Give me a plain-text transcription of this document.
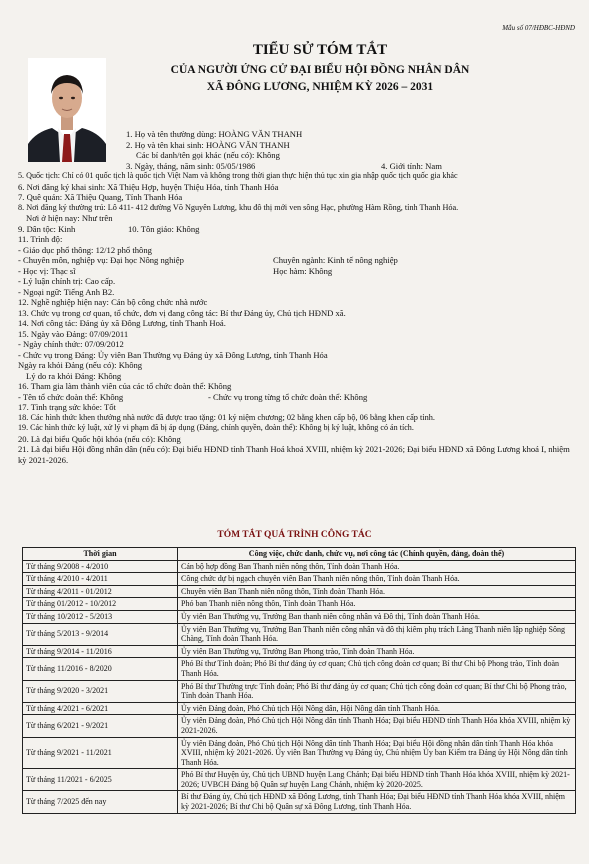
Mẫu số 07/HĐBC-HĐND
TIỂU SỬ TÓM TẮT
CỦA NGƯỜI ỨNG CỬ ĐẠI BIỂU HỘI ĐỒNG NHÂN DÂN
XÃ ĐÔNG LƯƠNG, NHIỆM KỲ 2026 – 2031
1. Họ và tên thường dùng: HOÀNG VĂN THANH
2. Họ và tên khai sinh: HOÀNG VĂN THANH
Các bí danh/tên gọi khác (nếu có): Không
3. Ngày, tháng, năm sinh: 05/05/1986	4. Giới tính: Nam
5. Quốc tịch: Chỉ có 01 quốc tịch là quốc tịch Việt Nam và không trong thời gian thực hiện thủ tục xin gia nhập quốc tịch quốc gia khác
6. Nơi đăng ký khai sinh: Xã Thiệu Hợp, huyện Thiệu Hóa, tỉnh Thanh Hóa
7. Quê quán: Xã Thiệu Quang, Tỉnh Thanh Hóa
8. Nơi đăng ký thường trú: Lô 411- 412 đường Võ Nguyên Lương, khu đô thị mới ven sông Hạc, phường Hàm Rồng, tỉnh Thanh Hóa.
Nơi ở hiện nay: Như trên
9. Dân tộc: Kinh	10. Tôn giáo: Không
11. Trình độ:
- Giáo dục phổ thông: 12/12 phổ thông
- Chuyên môn, nghiệp vụ: Đại học Nông nghiệp	Chuyên ngành: Kinh tế nông nghiệp
- Học vị: Thạc sĩ	Học hàm: Không
- Lý luận chính trị: Cao cấp.
- Ngoại ngữ: Tiếng Anh B2.
12. Nghề nghiệp hiện nay: Cán bộ công chức nhà nước
13. Chức vụ trong cơ quan, tổ chức, đơn vị đang công tác: Bí thư Đảng ủy, Chủ tịch HĐND xã.
14. Nơi công tác: Đảng ủy xã Đông Lương, tỉnh Thanh Hoá.
15. Ngày vào Đảng: 07/09/2011
- Ngày chính thức: 07/09/2012
- Chức vụ trong Đảng: Ủy viên Ban Thường vụ Đảng ủy xã Đông Lương, tỉnh Thanh Hóa
Ngày ra khỏi Đảng (nếu có): Không
Lý do ra khỏi Đảng: Không
16. Tham gia làm thành viên của các tổ chức đoàn thể: Không
- Tên tổ chức đoàn thể: Không	- Chức vụ trong từng tổ chức đoàn thể: Không
17. Tình trạng sức khỏe: Tốt
18. Các hình thức khen thưởng nhà nước đã được trao tặng: 01 kỷ niệm chương; 02 bằng khen cấp bộ, 06 bằng khen cấp tỉnh.
19. Các hình thức kỷ luật, xử lý vi phạm đã bị áp dụng (Đảng, chính quyền, đoàn thể): Không bị kỷ luật, không có án tích.
20. Là đại biểu Quốc hội khóa (nếu có): Không
21. Là đại biểu Hội đồng nhân dân (nếu có): Đại biểu HĐND tỉnh Thanh Hoá khoá XVIII, nhiệm kỳ 2021-2026; Đại biểu HĐND xã Đông Lương khoá I, nhiệm kỳ 2021-2026.
TÓM TẮT QUÁ TRÌNH CÔNG TÁC
Thời gian	Công việc, chức danh, chức vụ, nơi công tác (Chính quyền, đảng, đoàn thể)
Từ tháng 9/2008 - 4/2010	Cán bộ hợp đồng Ban Thanh niên nông thôn, Tỉnh đoàn Thanh Hóa.
Từ tháng 4/2010 - 4/2011	Công chức dự bị ngạch chuyên viên Ban Thanh niên nông thôn, Tỉnh đoàn Thanh Hóa.
Từ tháng 4/2011 - 01/2012	Chuyên viên Ban Thanh niên nông thôn, Tỉnh đoàn Thanh Hóa.
Từ tháng 01/2012 - 10/2012	Phó ban Thanh niên nông thôn, Tỉnh đoàn Thanh Hóa.
Từ tháng 10/2012 - 5/2013	Ủy viên Ban Thường vụ, Trưởng Ban thanh niên công nhân và Đô thị, Tỉnh đoàn Thanh Hóa.
Từ tháng 5/2013 - 9/2014	Ủy viên Ban Thường vụ, Trưởng Ban Thanh niên công nhân và đô thị kiêm phụ trách Làng Thanh niên lập nghiệp Sông Chàng, Tỉnh đoàn Thanh Hóa.
Từ tháng 9/2014 - 11/2016	Ủy viên Ban Thường vụ, Trưởng Ban Phong trào, Tỉnh đoàn Thanh Hóa.
Từ tháng 11/2016 - 8/2020	Phó Bí thư Tỉnh đoàn; Phó Bí thư đảng ủy cơ quan; Chủ tịch công đoàn cơ quan; Bí thư Chi bộ Phong trào, Tỉnh đoàn Thanh Hóa.
Từ tháng 9/2020 - 3/2021	Phó Bí thư Thường trực Tỉnh đoàn; Phó Bí thư đảng ủy cơ quan; Chủ tịch công đoàn cơ quan; Bí thư Chi bộ Phong trào, Tỉnh đoàn Thanh Hóa.
Từ tháng 4/2021 - 6/2021	Ủy viên Đảng đoàn, Phó Chủ tịch Hội Nông dân, Hội Nông dân tỉnh Thanh Hóa.
Từ tháng 6/2021 - 9/2021	Ủy viên Đảng đoàn, Phó Chủ tịch Hội Nông dân tỉnh Thanh Hóa; Đại biểu HĐND tỉnh Thanh Hóa khóa XVIII, nhiệm kỳ 2021-2026.
Từ tháng 9/2021 - 11/2021	Ủy viên Đảng đoàn, Phó Chủ tịch Hội Nông dân tỉnh Thanh Hóa; Đại biểu Hội đồng nhân dân tỉnh Thanh Hóa khóa XVIII, nhiệm kỳ 2021-2026. Ủy viên Ban Thường vụ Đảng ủy, Chủ nhiệm Ủy ban Kiểm tra Đảng ủy Hội Nông dân tỉnh Thanh Hóa.
Từ tháng 11/2021 - 6/2025	Phó Bí thư Huyện ủy, Chủ tịch UBND huyện Lang Chánh; Đại biểu HĐND tỉnh Thanh Hóa khóa XVIII, nhiệm kỳ 2021-2026; UVBCH Đảng bộ Quân sự huyện Lang Chánh, nhiệm kỳ 2020-2025.
Từ tháng 7/2025 đến nay	Bí thư Đảng ủy, Chủ tịch HĐND xã Đông Lương, tỉnh Thanh Hóa; Đại biểu HĐND tỉnh Thanh Hóa khóa XVIII, nhiệm kỳ 2021-2026; Bí thư Chi bộ Quân sự xã Đông Lương, tỉnh Thanh Hóa.
